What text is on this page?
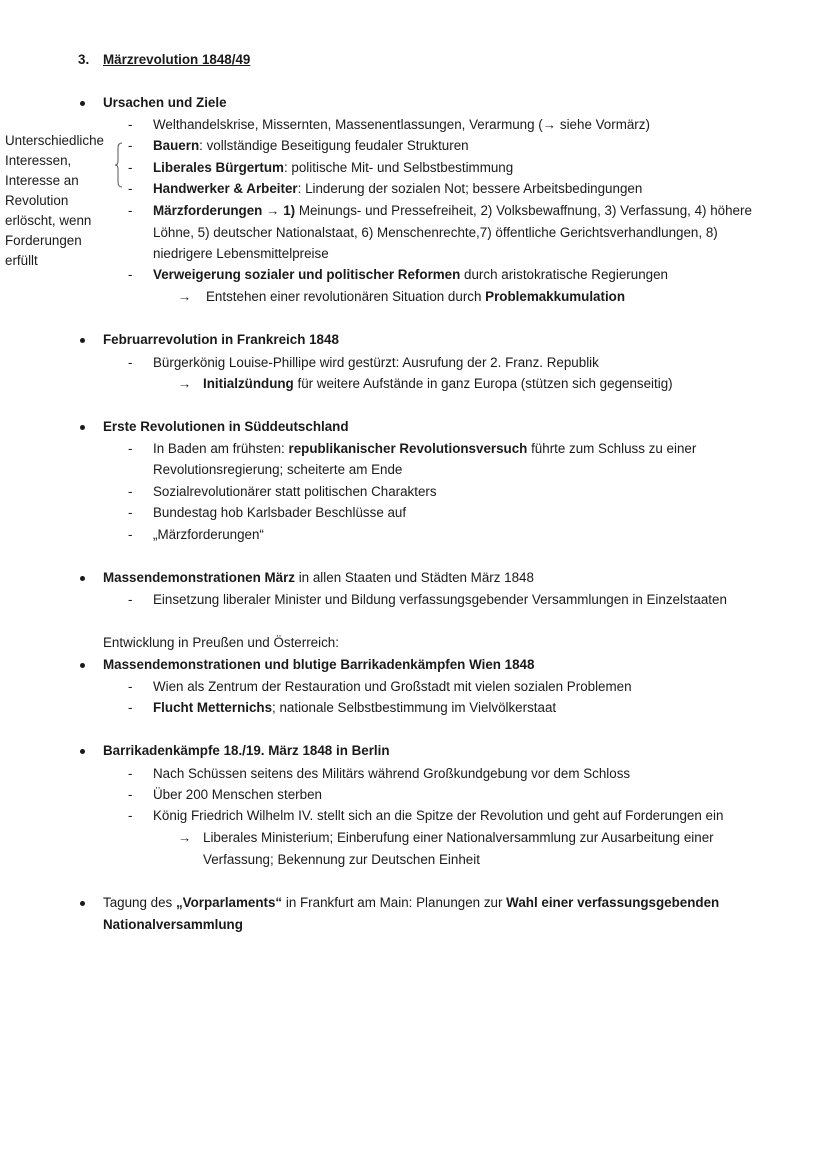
3. Märzrevolution 1848/49
Unterschiedliche
Interessen,
Interesse an
Revolution
erlöscht, wenn
Forderungen
erfüllt
Ursachen und Ziele
- Welthandelskrise, Missernten, Massenentlassungen, Verarmung (→ siehe Vormärz)
- Bauern: vollständige Beseitigung feudaler Strukturen
- Liberales Bürgertum: politische Mit- und Selbstbestimmung
- Handwerker & Arbeiter: Linderung der sozialen Not; bessere Arbeitsbedingungen
- Märzforderungen → 1) Meinungs- und Pressefreiheit, 2) Volksbewaffnung, 3) Verfassung, 4) höhere
Löhne, 5) deutscher Nationalstaat, 6) Menschenrechte,7) öffentliche Gerichtsverhandlungen, 8)
niedrigere Lebensmittelpreise
- Verweigerung sozialer und politischer Reformen durch aristokratische Regierungen
→ Entstehen einer revolutionären Situation durch Problemakkumulation
Februarrevolution in Frankreich 1848
- Bürgerkönig Louise-Phillipe wird gestürzt: Ausrufung der 2. Franz. Republik
→ Initialzündung für weitere Aufstände in ganz Europa (stützen sich gegenseitig)
Erste Revolutionen in Süddeutschland
- In Baden am frühsten: republikanischer Revolutionsversuch führte zum Schluss zu einer
Revolutionsregierung; scheiterte am Ende
- Sozialrevolutionärer statt politischen Charakters
- Bundestag hob Karlsbader Beschlüsse auf
- „Märzforderungen“
Massendemonstrationen März in allen Staaten und Städten März 1848
- Einsetzung liberaler Minister und Bildung verfassungsgebender Versammlungen in Einzelstaaten
Entwicklung in Preußen und Österreich:
Massendemonstrationen und blutige Barrikadenkämpfen Wien 1848
- Wien als Zentrum der Restauration und Großstadt mit vielen sozialen Problemen
- Flucht Metternichs; nationale Selbstbestimmung im Vielvölkerstaat
Barrikadenkämpfe 18./19. März 1848 in Berlin
- Nach Schüssen seitens des Militärs während Großkundgebung vor dem Schloss
- Über 200 Menschen sterben
- König Friedrich Wilhelm IV. stellt sich an die Spitze der Revolution und geht auf Forderungen ein
→ Liberales Ministerium; Einberufung einer Nationalversammlung zur Ausarbeitung einer
Verfassung; Bekennung zur Deutschen Einheit
Tagung des „Vorparlaments“ in Frankfurt am Main: Planungen zur Wahl einer verfassungsgebenden
Nationalversammlung
